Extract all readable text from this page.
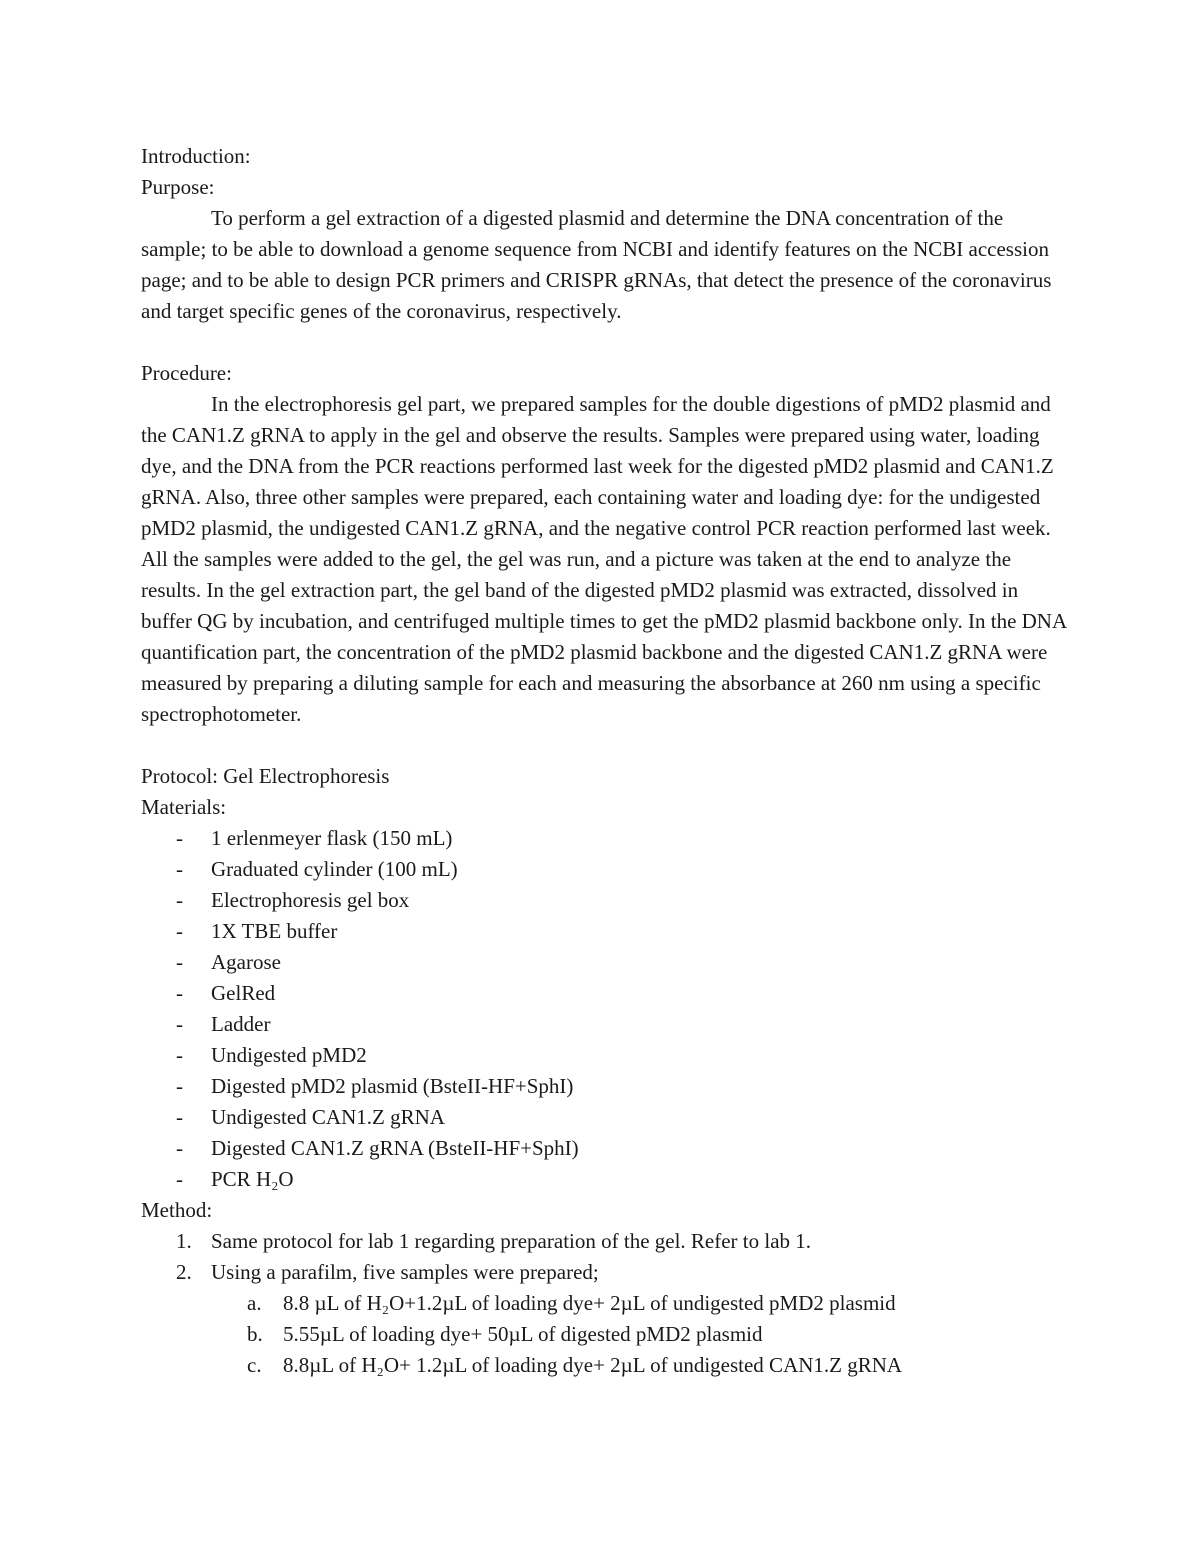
Introduction:
Purpose:
To perform a gel extraction of a digested plasmid and determine the DNA concentration of the sample; to be able to download a genome sequence from NCBI and identify features on the NCBI accession page; and to be able to design PCR primers and CRISPR gRNAs, that detect the presence of the coronavirus and target specific genes of the coronavirus, respectively.
Procedure:
In the electrophoresis gel part, we prepared samples for the double digestions of pMD2 plasmid and the CAN1.Z gRNA to apply in the gel and observe the results. Samples were prepared using water, loading dye, and the DNA from the PCR reactions performed last week for the digested pMD2 plasmid and CAN1.Z gRNA. Also, three other samples were prepared, each containing water and loading dye: for the undigested pMD2 plasmid, the undigested CAN1.Z gRNA, and the negative control PCR reaction performed last week. All the samples were added to the gel, the gel was run, and a picture was taken at the end to analyze the results. In the gel extraction part, the gel band of the digested pMD2 plasmid was extracted, dissolved in buffer QG by incubation, and centrifuged multiple times to get the pMD2 plasmid backbone only. In the DNA quantification part, the concentration of the pMD2 plasmid backbone and the digested CAN1.Z gRNA were measured by preparing a diluting sample for each and measuring the absorbance at 260 nm using a specific spectrophotometer.
Protocol: Gel Electrophoresis
Materials:
- 1 erlenmeyer flask (150 mL)
- Graduated cylinder (100 mL)
- Electrophoresis gel box
- 1X TBE buffer
- Agarose
- GelRed
- Ladder
- Undigested pMD2
- Digested pMD2 plasmid (BsteII-HF+SphI)
- Undigested CAN1.Z gRNA
- Digested CAN1.Z gRNA (BsteII-HF+SphI)
- PCR H₂O
Method:
1. Same protocol for lab 1 regarding preparation of the gel. Refer to lab 1.
2. Using a parafilm, five samples were prepared;
a. 8.8 µL of H₂O+1.2µL of loading dye+ 2µL of undigested pMD2 plasmid
b. 5.55µL of loading dye+ 50µL of digested pMD2 plasmid
c. 8.8µL of H₂O+ 1.2µL of loading dye+ 2µL of undigested CAN1.Z gRNA
